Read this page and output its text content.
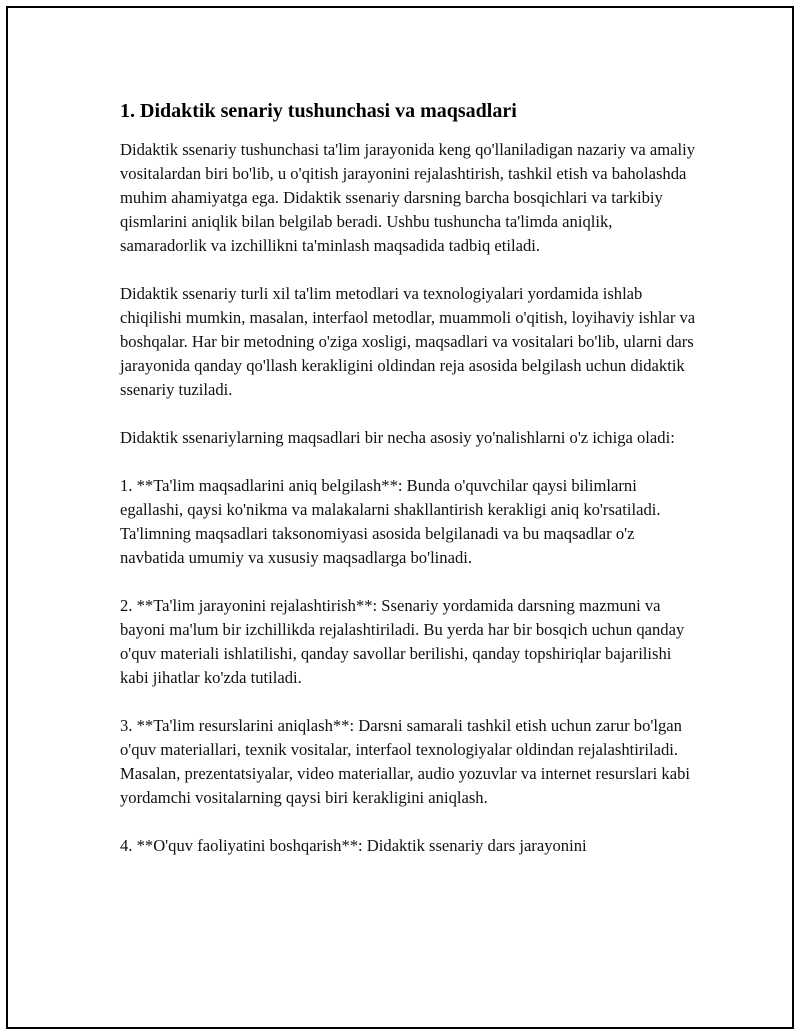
1. Didaktik senariy tushunchasi va maqsadlari

Didaktik ssenariy tushunchasi ta'lim jarayonida keng qo'llaniladigan nazariy va amaliy vositalardan biri bo'lib, u o'qitish jarayonini rejalashtirish, tashkil etish va baholashda muhim ahamiyatga ega. Didaktik ssenariy darsning barcha bosqichlari va tarkibiy qismlarini aniqlik bilan belgilab beradi. Ushbu tushuncha ta'limda aniqlik, samaradorlik va izchillikni ta'minlash maqsadida tadbiq etiladi.

Didaktik ssenariy turli xil ta'lim metodlari va texnologiyalari yordamida ishlab chiqilishi mumkin, masalan, interfaol metodlar, muammoli o'qitish, loyihaviy ishlar va boshqalar. Har bir metodning o'ziga xosligi, maqsadlari va vositalari bo'lib, ularni dars jarayonida qanday qo'llash kerakligini oldindan reja asosida belgilash uchun didaktik ssenariy tuziladi.

Didaktik ssenariylarning maqsadlari bir necha asosiy yo'nalishlarni o'z ichiga oladi:

1. **Ta'lim maqsadlarini aniq belgilash**: Bunda o'quvchilar qaysi bilimlarni egallashi, qaysi ko'nikma va malakalarni shakllantirish kerakligi aniq ko'rsatiladi. Ta'limning maqsadlari taksonomiyasi asosida belgilanadi va bu maqsadlar o'z navbatida umumiy va xususiy maqsadlarga bo'linadi.

2. **Ta'lim jarayonini rejalashtirish**: Ssenariy yordamida darsning mazmuni va bayoni ma'lum bir izchillikda rejalashtiriladi. Bu yerda har bir bosqich uchun qanday o'quv materiali ishlatilishi, qanday savollar berilishi, qanday topshiriqlar bajarilishi kabi jihatlar ko'zda tutiladi.

3. **Ta'lim resurslarini aniqlash**: Darsni samarali tashkil etish uchun zarur bo'lgan o'quv materiallari, texnik vositalar, interfaol texnologiyalar oldindan rejalashtiriladi. Masalan, prezentatsiyalar, video materiallar, audio yozuvlar va internet resurslari kabi yordamchi vositalarning qaysi biri kerakligini aniqlash.

4. **O'quv faoliyatini boshqarish**: Didaktik ssenariy dars jarayonini
